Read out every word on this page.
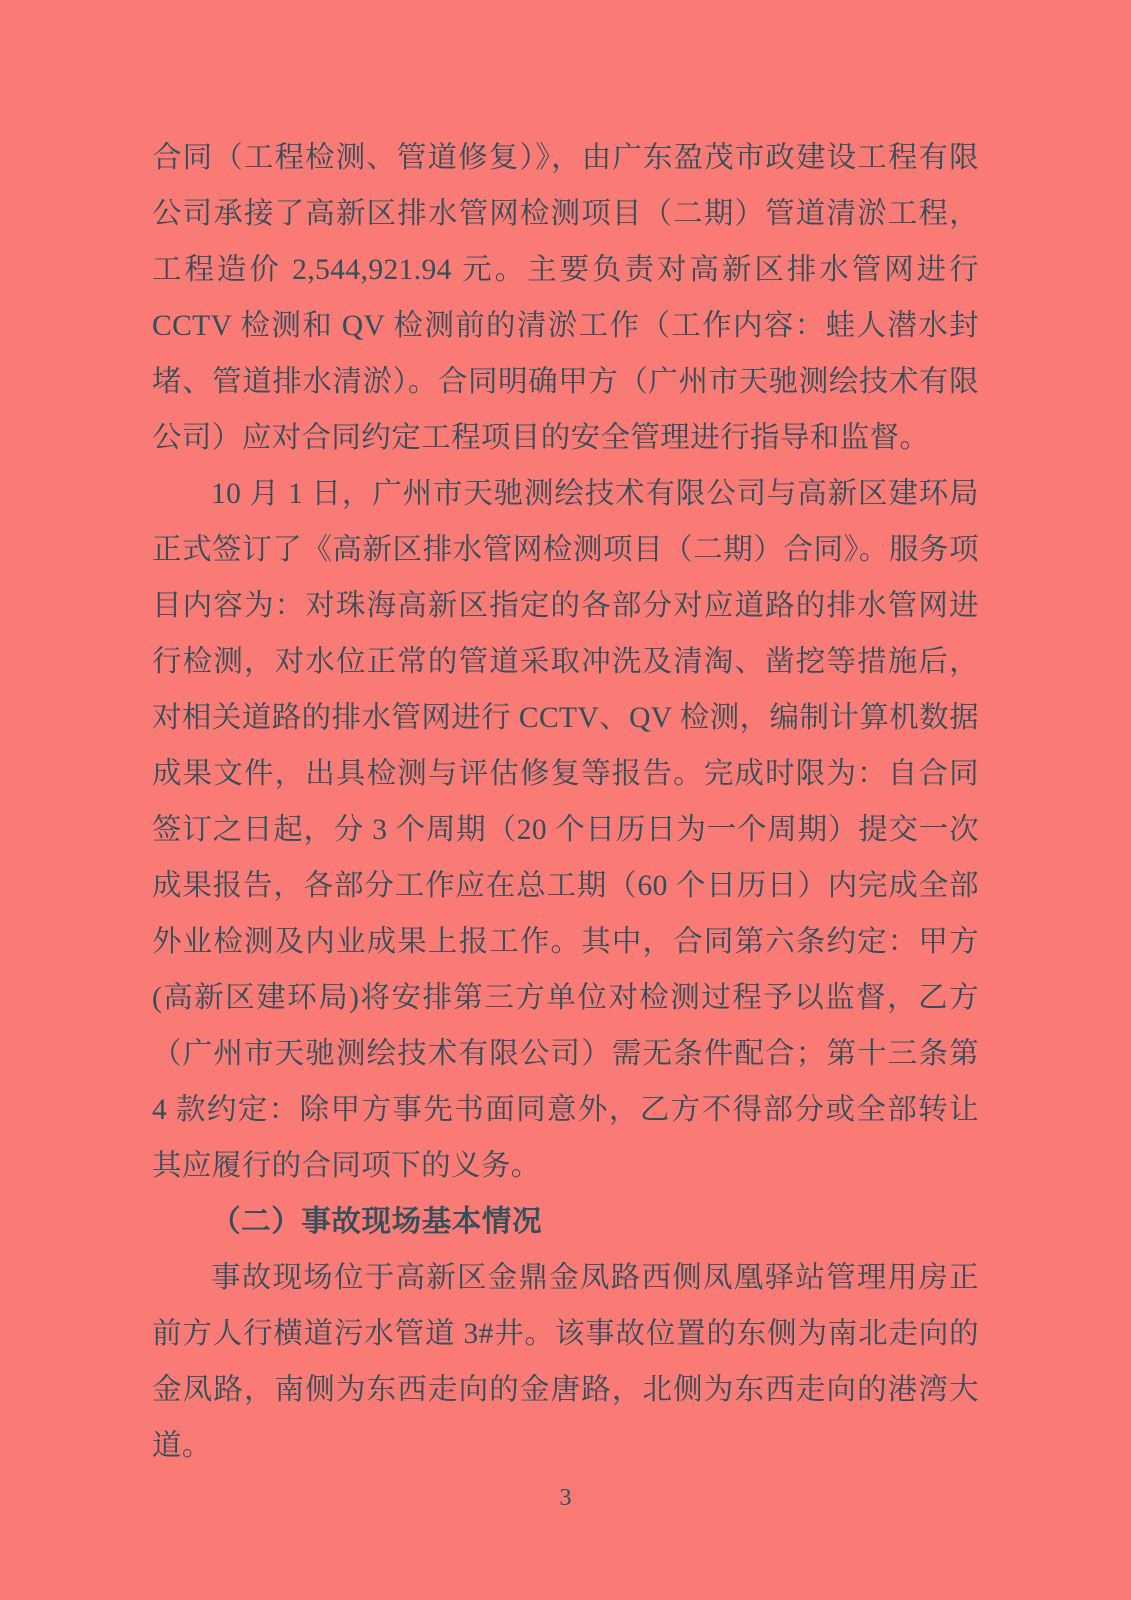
合同（工程检测、管道修复）》，由广东盈茂市政建设工程有限公司承接了高新区排水管网检测项目（二期）管道清淤工程，工程造价 2,544,921.94 元。主要负责对高新区排水管网进行 CCTV 检测和 QV 检测前的清淤工作（工作内容：蛙人潜水封堵、管道排水清淤）。合同明确甲方（广州市天驰测绘技术有限公司）应对合同约定工程项目的安全管理进行指导和监督。

10 月 1 日，广州市天驰测绘技术有限公司与高新区建环局正式签订了《高新区排水管网检测项目（二期）合同》。服务项目内容为：对珠海高新区指定的各部分对应道路的排水管网进行检测，对水位正常的管道采取冲洗及清淘、凿挖等措施后，对相关道路的排水管网进行 CCTV、QV 检测，编制计算机数据成果文件，出具检测与评估修复等报告。完成时限为：自合同签订之日起，分 3 个周期（20 个日历日为一个周期）提交一次成果报告，各部分工作应在总工期（60 个日历日）内完成全部外业检测及内业成果上报工作。其中，合同第六条约定：甲方(高新区建环局)将安排第三方单位对检测过程予以监督，乙方（广州市天驰测绘技术有限公司）需无条件配合；第十三条第 4 款约定：除甲方事先书面同意外，乙方不得部分或全部转让其应履行的合同项下的义务。

（二）事故现场基本情况

事故现场位于高新区金鼎金凤路西侧凤凰驿站管理用房正前方人行横道污水管道 3#井。该事故位置的东侧为南北走向的金凤路，南侧为东西走向的金唐路，北侧为东西走向的港湾大道。

3
